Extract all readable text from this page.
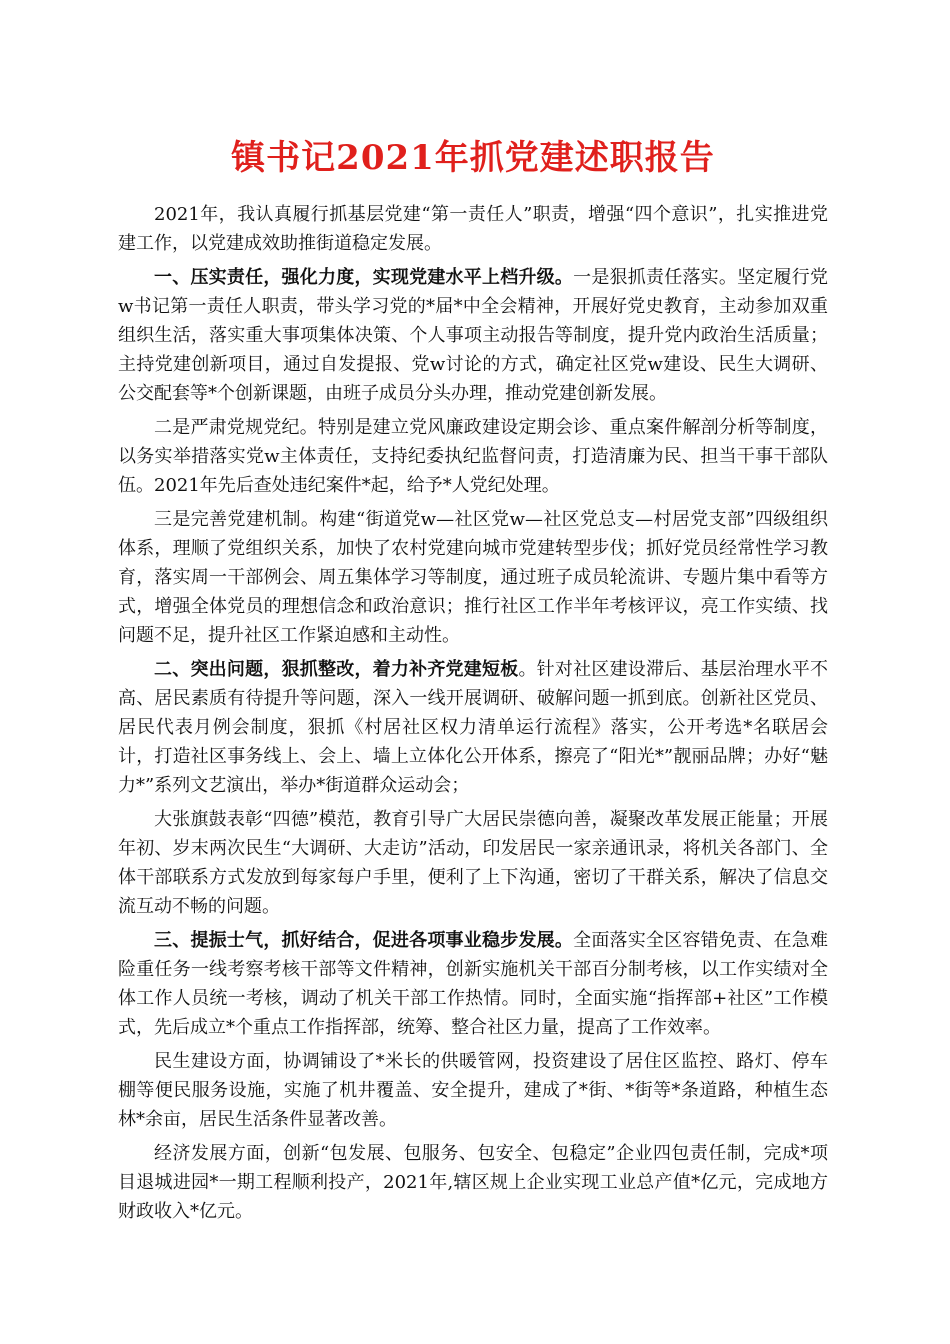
镇书记2021年抓党建述职报告

2021年，我认真履行抓基层党建“第一责任人”职责，增强“四个意识”，扎实推进党建工作，以党建成效助推街道稳定发展。

一、压实责任，强化力度，实现党建水平上档升级。一是狠抓责任落实。坚定履行党w书记第一责任人职责，带头学习党的*届*中全会精神，开展好党史教育，主动参加双重组织生活，落实重大事项集体决策、个人事项主动报告等制度，提升党内政治生活质量；主持党建创新项目，通过自发提报、党w讨论的方式，确定社区党w建设、民生大调研、公交配套等*个创新课题，由班子成员分头办理，推动党建创新发展。

二是严肃党规党纪。特别是建立党风廉政建设定期会诊、重点案件解剖分析等制度，以务实举措落实党w主体责任，支持纪委执纪监督问责，打造清廉为民、担当干事干部队伍。2021年先后查处违纪案件*起，给予*人党纪处理。

三是完善党建机制。构建“街道党w—社区党w—社区党总支—村居党支部”四级组织体系，理顺了党组织关系，加快了农村党建向城市党建转型步伐；抓好党员经常性学习教育，落实周一干部例会、周五集体学习等制度，通过班子成员轮流讲、专题片集中看等方式，增强全体党员的理想信念和政治意识；推行社区工作半年考核评议，亮工作实绩、找问题不足，提升社区工作紧迫感和主动性。

二、突出问题，狠抓整改，着力补齐党建短板。针对社区建设滞后、基层治理水平不高、居民素质有待提升等问题，深入一线开展调研、破解问题一抓到底。创新社区党员、居民代表月例会制度，狠抓《村居社区权力清单运行流程》落实，公开考选*名联居会计，打造社区事务线上、会上、墙上立体化公开体系，擦亮了“阳光*”靓丽品牌；办好“魅力*”系列文艺演出，举办*街道群众运动会；

大张旗鼓表彰“四德”模范，教育引导广大居民崇德向善，凝聚改革发展正能量；开展年初、岁末两次民生“大调研、大走访”活动，印发居民一家亲通讯录，将机关各部门、全体干部联系方式发放到每家每户手里，便利了上下沟通，密切了干群关系，解决了信息交流互动不畅的问题。

三、提振士气，抓好结合，促进各项事业稳步发展。全面落实全区容错免责、在急难险重任务一线考察考核干部等文件精神，创新实施机关干部百分制考核，以工作实绩对全体工作人员统一考核，调动了机关干部工作热情。同时，全面实施“指挥部+社区”工作模式，先后成立*个重点工作指挥部，统筹、整合社区力量，提高了工作效率。

民生建设方面，协调铺设了*米长的供暖管网，投资建设了居住区监控、路灯、停车棚等便民服务设施，实施了机井覆盖、安全提升，建成了*街、*街等*条道路，种植生态林*余亩，居民生活条件显著改善。

经济发展方面，创新“包发展、包服务、包安全、包稳定”企业四包责任制，完成*项目退城进园*一期工程顺利投产，2021年,辖区规上企业实现工业总产值*亿元，完成地方财政收入*亿元。
